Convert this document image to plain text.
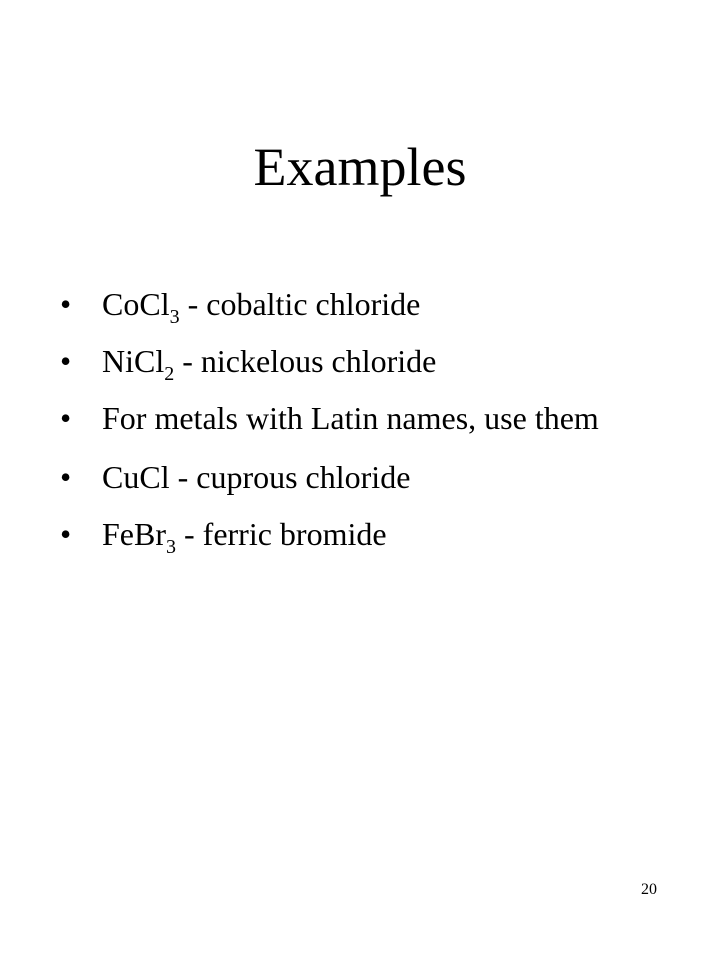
Examples
• CoCl$_3$ - cobaltic chloride
• NiCl$_2$ - nickelous chloride
• For metals with Latin names, use them
• CuCl - cuprous chloride
• FeBr$_3$ - ferric bromide
20
